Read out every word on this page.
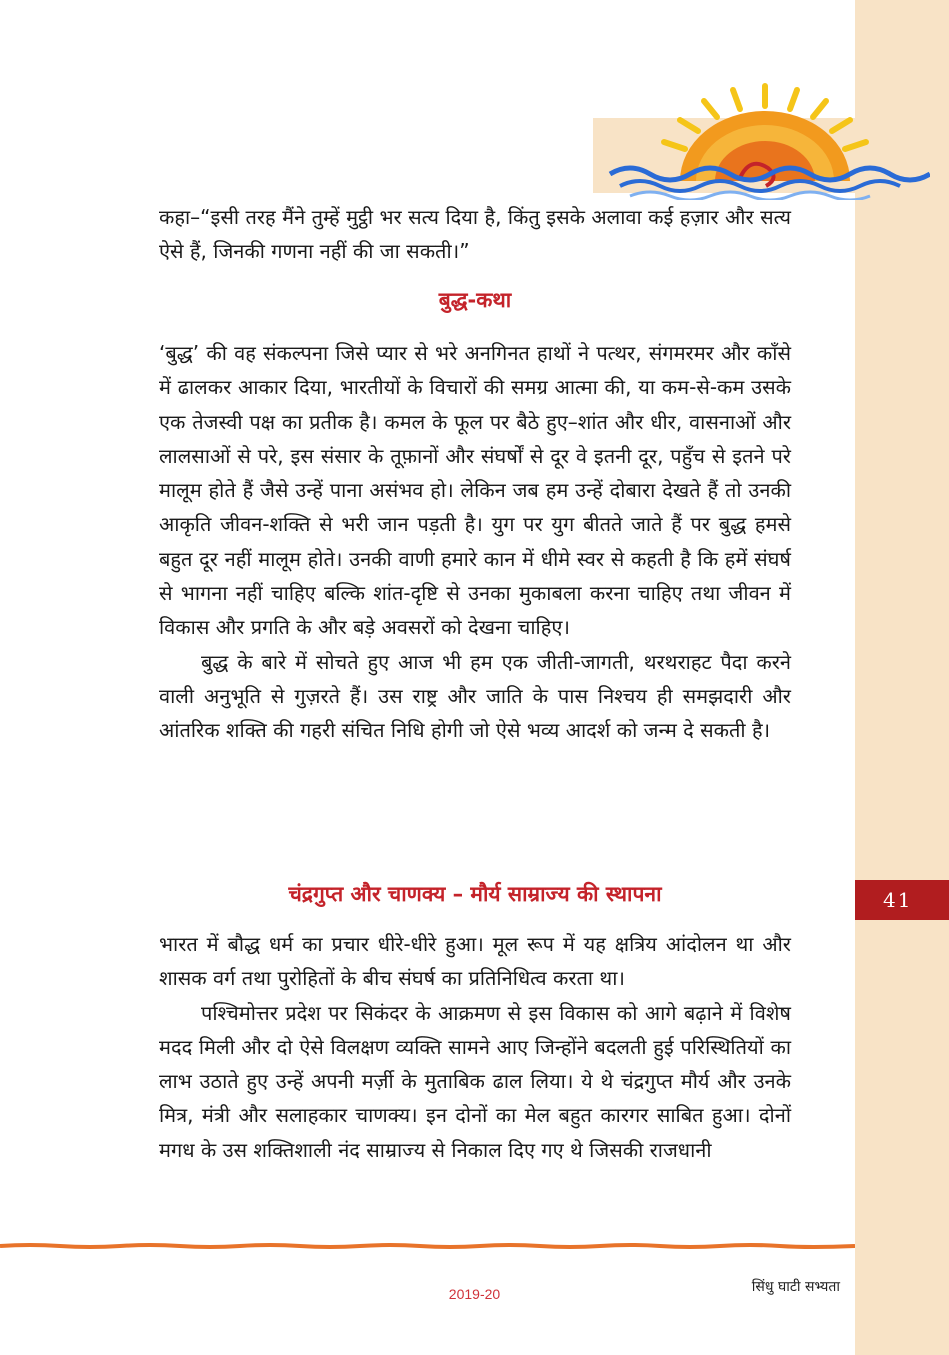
41

कहा–“इसी तरह मैंने तुम्हें मुट्ठी भर सत्य दिया है, किंतु इसके अलावा कई हज़ार और सत्य ऐसे हैं, जिनकी गणना नहीं की जा सकती।”

बुद्ध-कथा

‘बुद्ध’ की वह संकल्पना जिसे प्यार से भरे अनगिनत हाथों ने पत्थर, संगमरमर और काँसे में ढालकर आकार दिया, भारतीयों के विचारों की समग्र आत्मा की, या कम-से-कम उसके एक तेजस्वी पक्ष का प्रतीक है। कमल के फूल पर बैठे हुए–शांत और धीर, वासनाओं और लालसाओं से परे, इस संसार के तूफ़ानों और संघर्षों से दूर वे इतनी दूर, पहुँच से इतने परे मालूम होते हैं जैसे उन्हें पाना असंभव हो। लेकिन जब हम उन्हें दोबारा देखते हैं तो उनकी आकृति जीवन-शक्ति से भरी जान पड़ती है। युग पर युग बीतते जाते हैं पर बुद्ध हमसे बहुत दूर नहीं मालूम होते। उनकी वाणी हमारे कान में धीमे स्वर से कहती है कि हमें संघर्ष से भागना नहीं चाहिए बल्कि शांत-दृष्टि से उनका मुकाबला करना चाहिए तथा जीवन में विकास और प्रगति के और बड़े अवसरों को देखना चाहिए।

बुद्ध के बारे में सोचते हुए आज भी हम एक जीती-जागती, थरथराहट पैदा करने वाली अनुभूति से गुज़रते हैं। उस राष्ट्र और जाति के पास निश्चय ही समझदारी और आंतरिक शक्ति की गहरी संचित निधि होगी जो ऐसे भव्य आदर्श को जन्म दे सकती है।

चंद्रगुप्त और चाणक्य – मौर्य साम्राज्य की स्थापना

भारत में बौद्ध धर्म का प्रचार धीरे-धीरे हुआ। मूल रूप में यह क्षत्रिय आंदोलन था और शासक वर्ग तथा पुरोहितों के बीच संघर्ष का प्रतिनिधित्व करता था।

पश्चिमोत्तर प्रदेश पर सिकंदर के आक्रमण से इस विकास को आगे बढ़ाने में विशेष मदद मिली और दो ऐसे विलक्षण व्यक्ति सामने आए जिन्होंने बदलती हुई परिस्थितियों का लाभ उठाते हुए उन्हें अपनी मर्ज़ी के मुताबिक ढाल लिया। ये थे चंद्रगुप्त मौर्य और उनके मित्र, मंत्री और सलाहकार चाणक्य। इन दोनों का मेल बहुत कारगर साबित हुआ। दोनों मगध के उस शक्तिशाली नंद साम्राज्य से निकाल दिए गए थे जिसकी राजधानी

सिंधु घाटी सभ्यता
2019-20
